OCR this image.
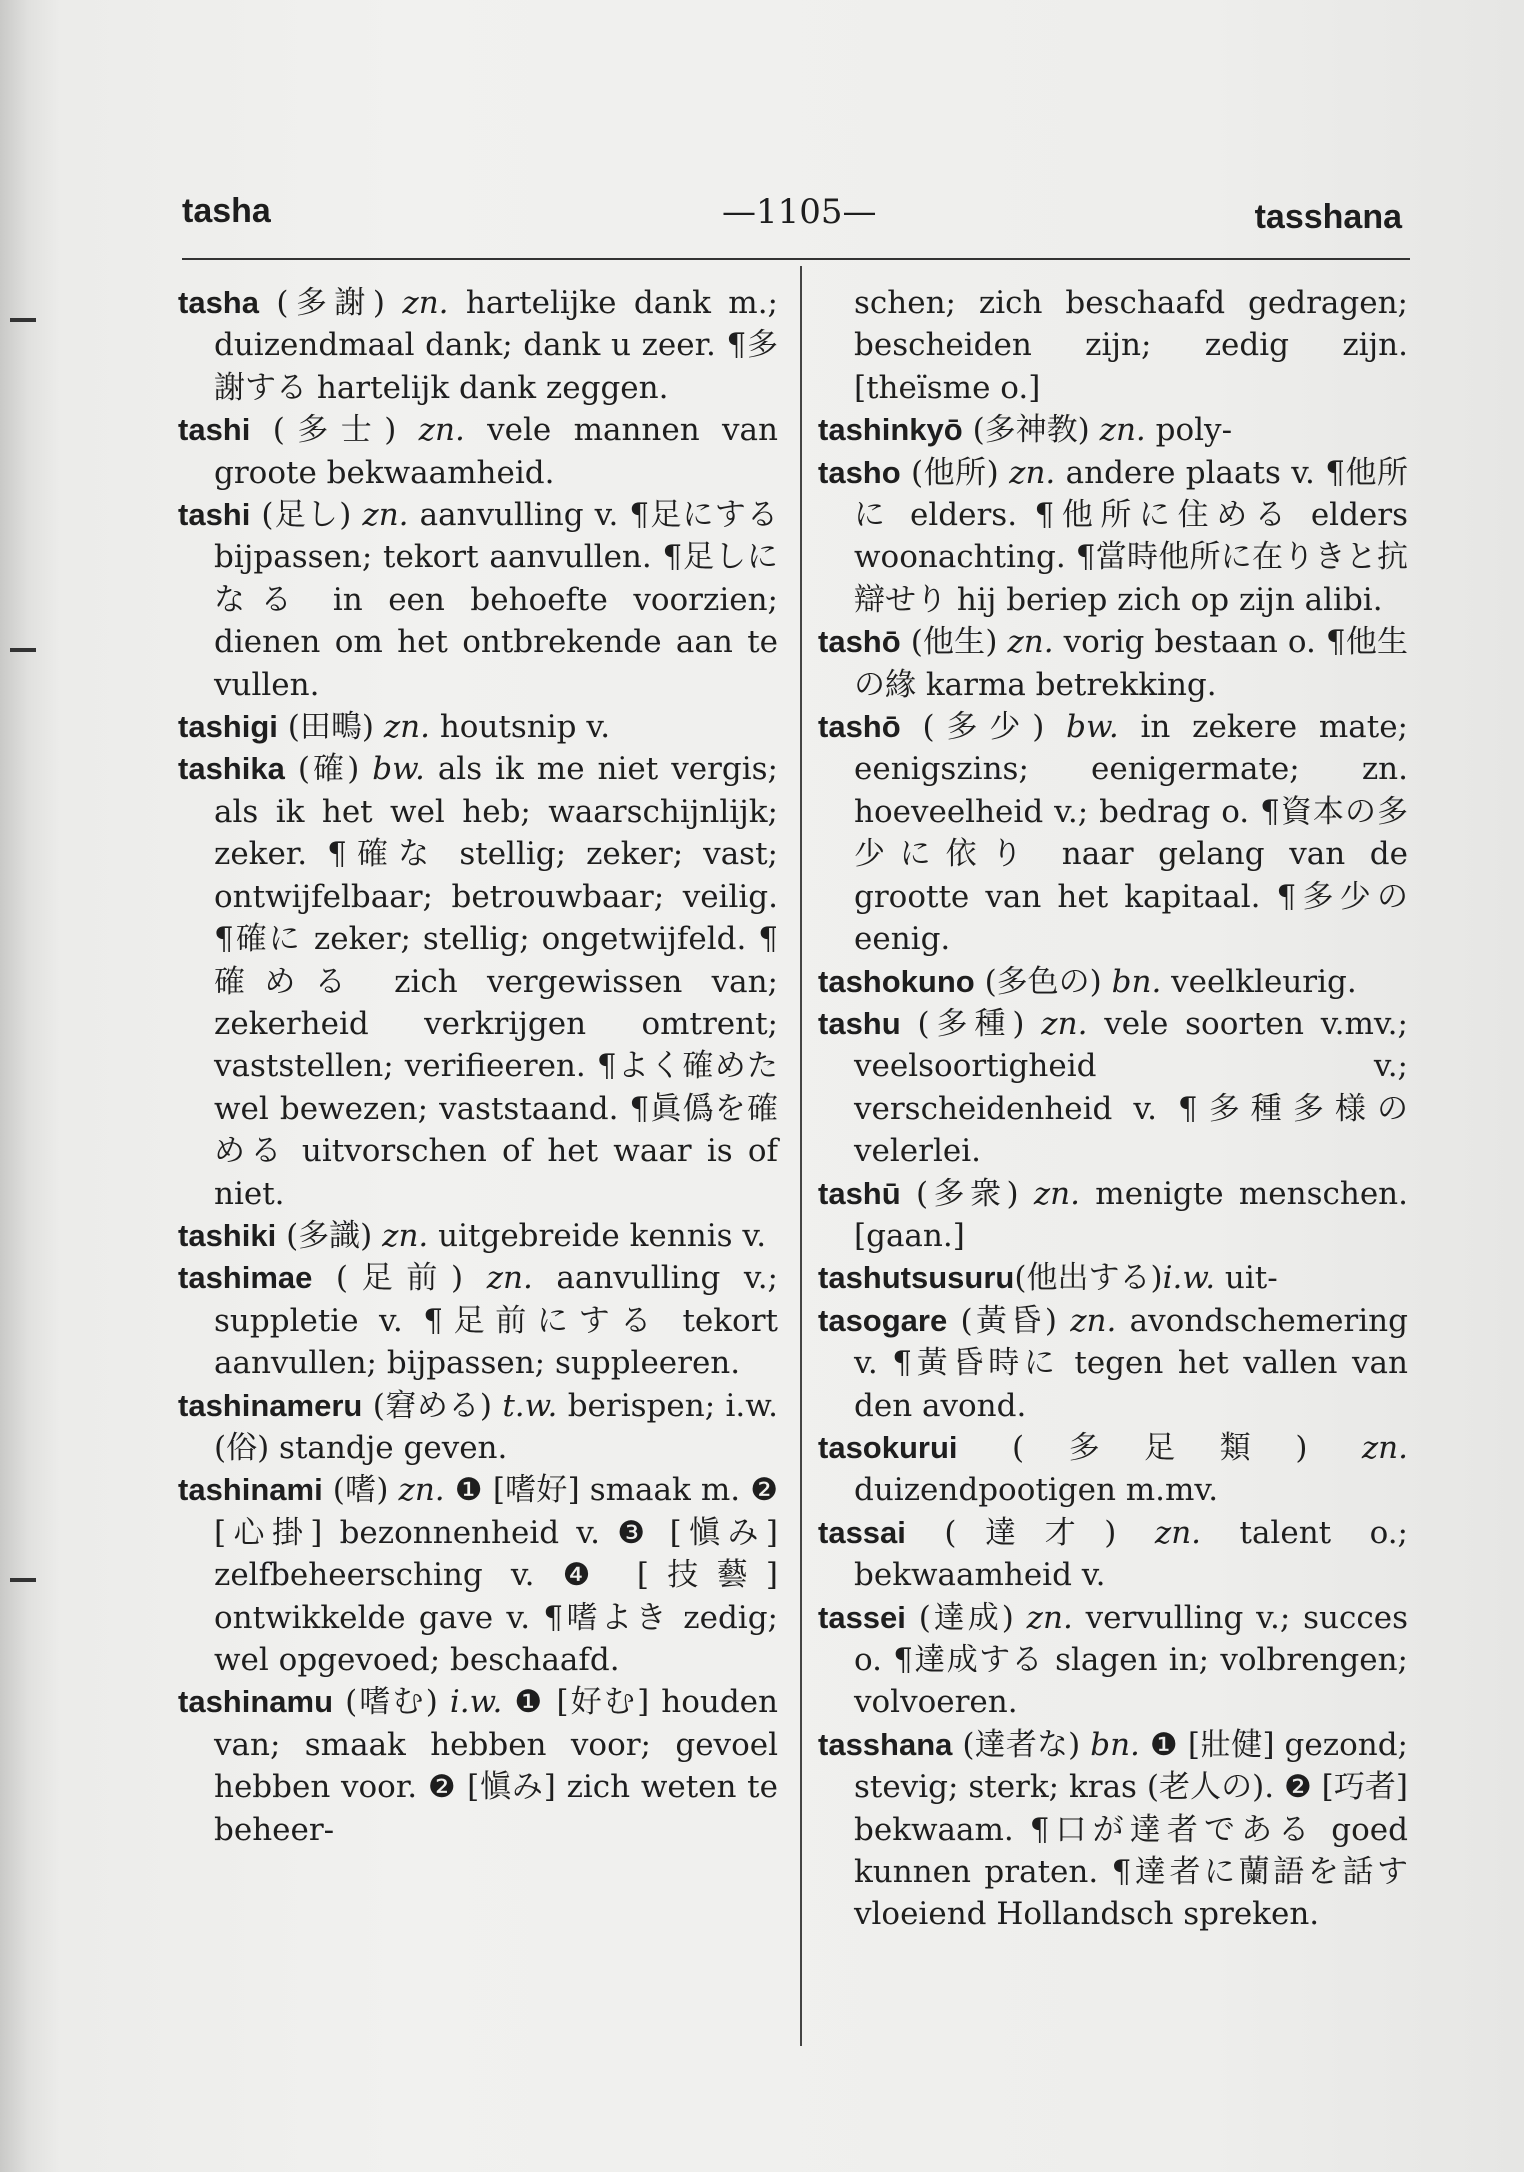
tasha	—1105—	tasshana
tasha (多謝) zn. hartelijke dank m.; duizendmaal dank; dank u zeer. ¶多謝する hartelijk dank zeggen.
tashi (多士) zn. vele mannen van groote bekwaamheid.
tashi (足し) zn. aanvulling v. ¶足にする bijpassen; tekort aanvullen. ¶足しになる in een behoefte voorzien; dienen om het ontbrekende aan te vullen.
tashigi (田鴫) zn. houtsnip v.
tashika (確) bw. als ik me niet vergis; als ik het wel heb; waarschijnlijk; zeker. ¶確な stellig; zeker; vast; ontwijfelbaar; betrouwbaar; veilig. ¶確に zeker; stellig; ongetwijfeld. ¶確める zich vergewissen van; zekerheid verkrijgen omtrent; vaststellen; verifieeren. ¶よく確めた wel bewezen; vaststaand. ¶眞僞を確める uitvorschen of het waar is of niet.
tashiki (多識) zn. uitgebreide kennis v.
tashimae (足前) zn. aanvulling v.; suppletie v. ¶足前にする tekort aanvullen; bijpassen; suppleeren.
tashinameru (窘める) t.w. berispen; i.w. (俗) standje geven.
tashinami (嗜) zn. ❶ [嗜好] smaak m. ❷ [心掛] bezonnenheid v. ❸ [愼み] zelfbeheersching v. ❹ [技藝] ontwikkelde gave v. ¶嗜よき zedig; wel opgevoed; beschaafd.
tashinamu (嗜む) i.w. ❶ [好む] houden van; smaak hebben voor; gevoel hebben voor. ❷ [愼み] zich weten te beheer-
schen; zich beschaafd gedragen; bescheiden zijn; zedig zijn. [theïsme o.]
tashinkyō (多神教) zn. poly-
tasho (他所) zn. andere plaats v. ¶他所に elders. ¶他所に住める elders woonachting. ¶當時他所に在りきと抗辯せり hij beriep zich op zijn alibi.
tashō (他生) zn. vorig bestaan o. ¶他生の緣 karma betrekking.
tashō (多少) bw. in zekere mate; eenigszins; eenigermate; zn. hoeveelheid v.; bedrag o. ¶資本の多少に依り naar gelang van de grootte van het kapitaal. ¶多少の eenig.
tashokuno (多色の) bn. veelkleurig.
tashu (多種) zn. vele soorten v.mv.; veelsoortigheid v.; verscheidenheid v. ¶多種多様の velerlei.
tashū (多衆) zn. menigte menschen. [gaan.]
tashutsusuru(他出する)i.w. uit-
tasogare (黃昏) zn. avondschemering v. ¶黃昏時に tegen het vallen van den avond.
tasokurui (多足類) zn. duizendpootigen m.mv.
tassai (達才) zn. talent o.; bekwaamheid v.
tassei (達成) zn. vervulling v.; succes o. ¶達成する slagen in; volbrengen; volvoeren.
tasshana (達者な) bn. ❶ [壯健] gezond; stevig; sterk; kras (老人の). ❷ [巧者] bekwaam. ¶口が達者である goed kunnen praten. ¶達者に蘭語を話す vloeiend Hollandsch spreken.
